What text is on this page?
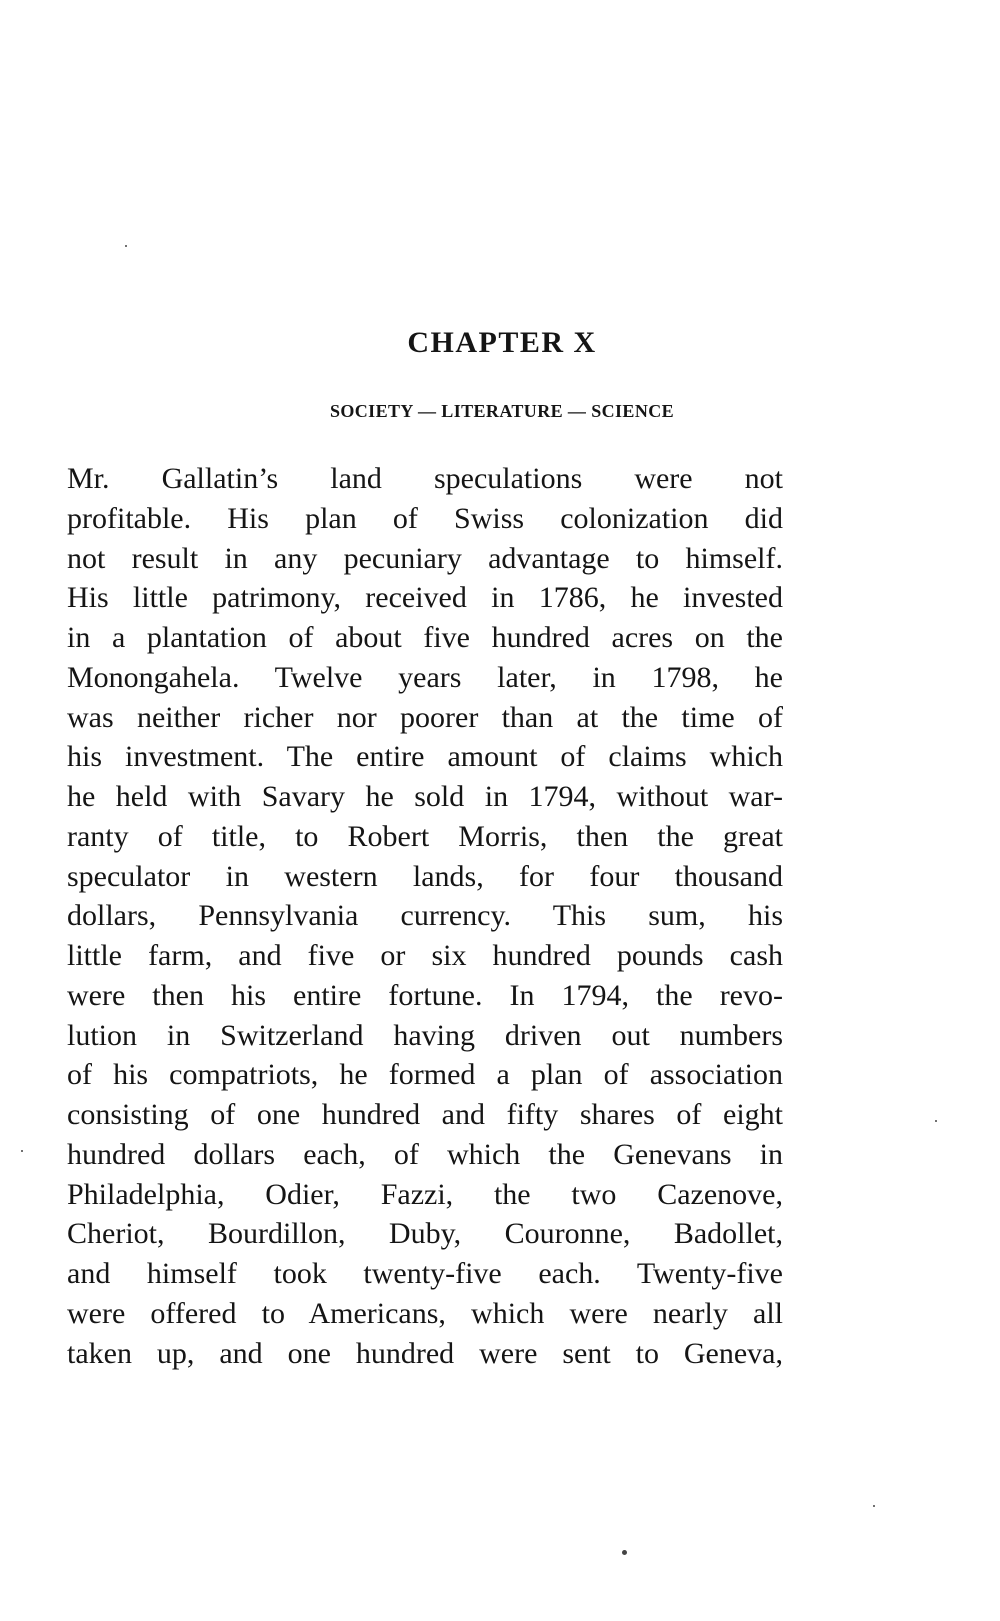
CHAPTER X
SOCIETY — LITERATURE — SCIENCE
Mr. Gallatin’s land speculations were not
profitable. His plan of Swiss colonization did
not result in any pecuniary advantage to himself.
His little patrimony, received in 1786, he invested
in a plantation of about five hundred acres on the
Monongahela. Twelve years later, in 1798, he
was neither richer nor poorer than at the time of
his investment. The entire amount of claims which
he held with Savary he sold in 1794, without war-
ranty of title, to Robert Morris, then the great
speculator in western lands, for four thousand
dollars, Pennsylvania currency. This sum, his
little farm, and five or six hundred pounds cash
were then his entire fortune. In 1794, the revo-
lution in Switzerland having driven out numbers
of his compatriots, he formed a plan of association
consisting of one hundred and fifty shares of eight
hundred dollars each, of which the Genevans in
Philadelphia, Odier, Fazzi, the two Cazenove,
Cheriot, Bourdillon, Duby, Couronne, Badollet,
and himself took twenty-five each. Twenty-five
were offered to Americans, which were nearly all
taken up, and one hundred were sent to Geneva,
